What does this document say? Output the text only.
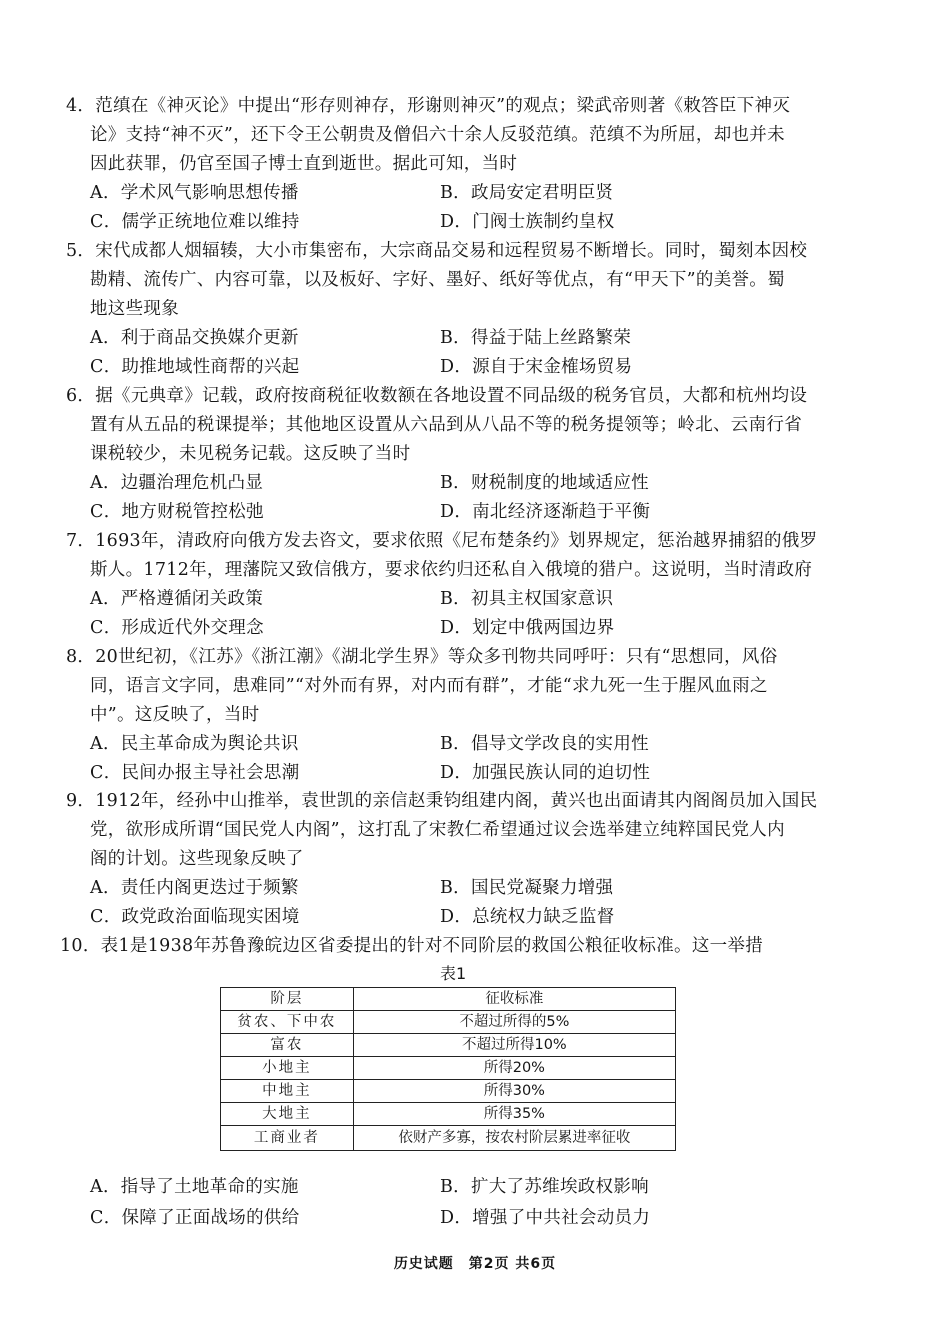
4．范缜在《神灭论》中提出“形存则神存，形谢则神灭”的观点；梁武帝则著《敕答臣下神灭
论》支持“神不灭”，还下令王公朝贵及僧侣六十余人反驳范缜。范缜不为所屈，却也并未
因此获罪，仍官至国子博士直到逝世。据此可知，当时
A．学术风气影响思想传播	B．政局安定君明臣贤
C．儒学正统地位难以维持	D．门阀士族制约皇权
5．宋代成都人烟辐辏，大小市集密布，大宗商品交易和远程贸易不断增长。同时，蜀刻本因校
勘精、流传广、内容可靠，以及板好、字好、墨好、纸好等优点，有“甲天下”的美誉。蜀
地这些现象
A．利于商品交换媒介更新	B．得益于陆上丝路繁荣
C．助推地域性商帮的兴起	D．源自于宋金榷场贸易
6．据《元典章》记载，政府按商税征收数额在各地设置不同品级的税务官员，大都和杭州均设
置有从五品的税课提举；其他地区设置从六品到从八品不等的税务提领等；岭北、云南行省
课税较少，未见税务记载。这反映了当时
A．边疆治理危机凸显	B．财税制度的地域适应性
C．地方财税管控松弛	D．南北经济逐渐趋于平衡
7．1693年，清政府向俄方发去咨文，要求依照《尼布楚条约》划界规定，惩治越界捕貂的俄罗
斯人。1712年，理藩院又致信俄方，要求依约归还私自入俄境的猎户。这说明，当时清政府
A．严格遵循闭关政策	B．初具主权国家意识
C．形成近代外交理念	D．划定中俄两国边界
8．20世纪初，《江苏》《浙江潮》《湖北学生界》等众多刊物共同呼吁：只有“思想同，风俗
同，语言文字同，患难同”“对外而有界，对内而有群”，才能“求九死一生于腥风血雨之
中”。这反映了，当时
A．民主革命成为舆论共识	B．倡导文学改良的实用性
C．民间办报主导社会思潮	D．加强民族认同的迫切性
9．1912年，经孙中山推举，袁世凯的亲信赵秉钧组建内阁，黄兴也出面请其内阁阁员加入国民
党，欲形成所谓“国民党人内阁”，这打乱了宋教仁希望通过议会选举建立纯粹国民党人内
阁的计划。这些现象反映了
A．责任内阁更迭过于频繁	B．国民党凝聚力增强
C．政党政治面临现实困境	D．总统权力缺乏监督
10．表1是1938年苏鲁豫皖边区省委提出的针对不同阶层的救国公粮征收标准。这一举措
表1
阶层	征收标准
贫农、下中农	不超过所得的5%
富农	不超过所得10%
小地主	所得20%
中地主	所得30%
大地主	所得35%
工商业者	依财产多寡，按农村阶层累进率征收
A．指导了土地革命的实施	B．扩大了苏维埃政权影响
C．保障了正面战场的供给	D．增强了中共社会动员力
历史试题　第2页 共6页
